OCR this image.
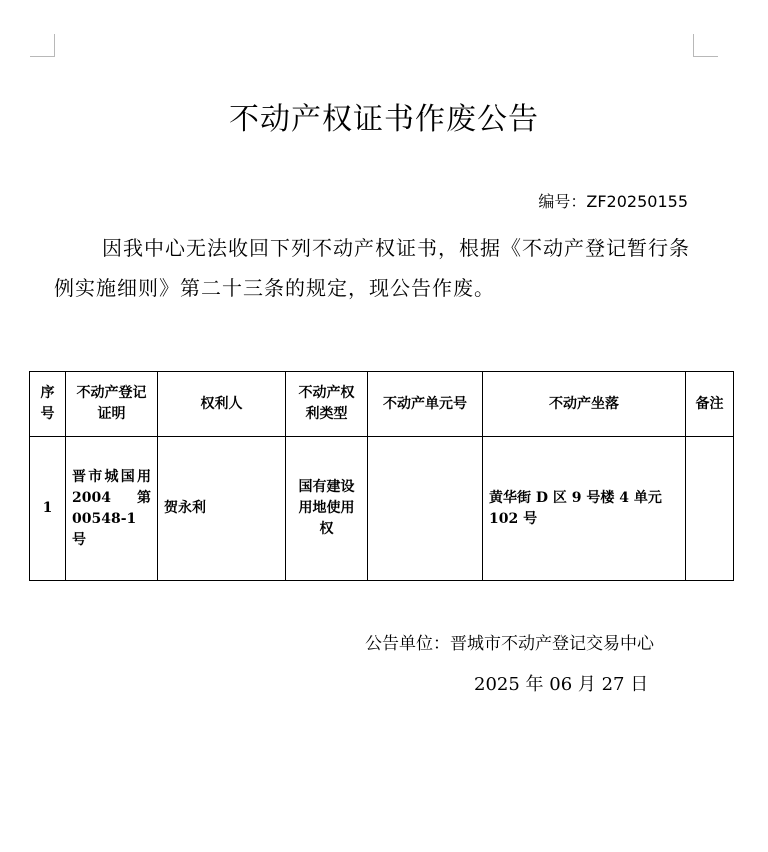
不动产权证书作废公告
编号：ZF20250155
因我中心无法收回下列不动产权证书，根据《不动产登记暂行条例实施细则》第二十三条的规定，现公告作废。
序号	不动产登记证明	权利人	不动产权利类型	不动产单元号	不动产坐落	备注
1	晋市城国用 2004 第 00548-1 号	贺永利	国有建设用地使用权		黄华街 D 区 9 号楼 4 单元 102 号	
公告单位：晋城市不动产登记交易中心
2025 年 06 月 27 日
